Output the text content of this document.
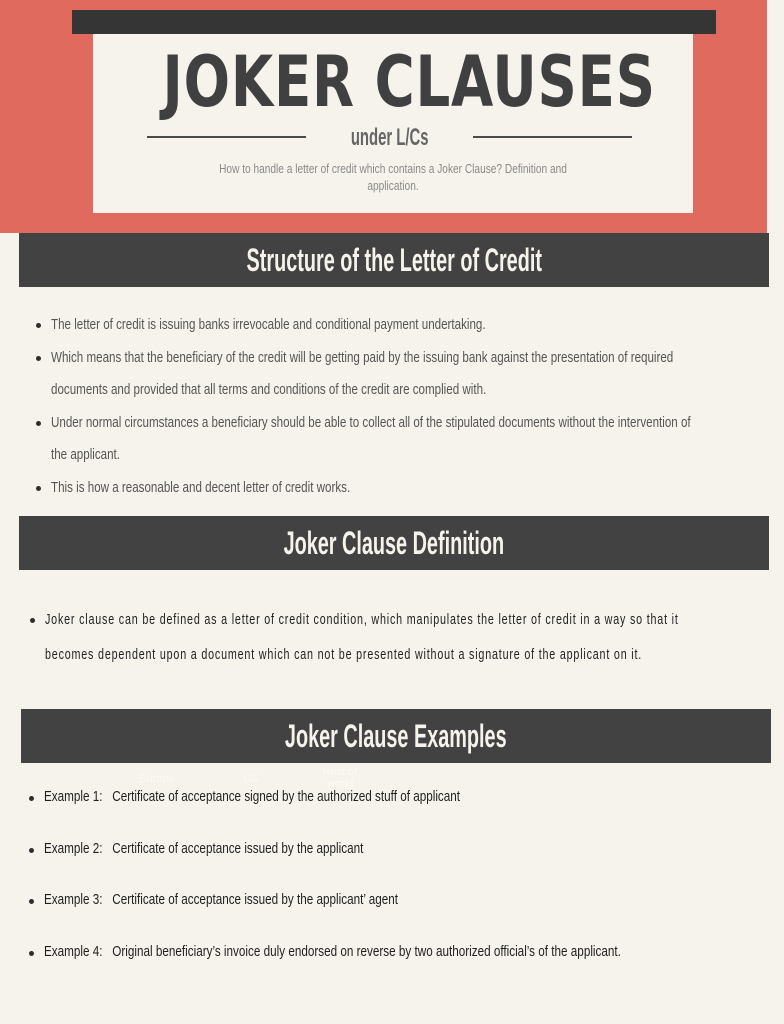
JOKER CLAUSES
under L/Cs
How to handle a letter of credit which contains a Joker Clause? Definition and
application.
Structure of the Letter of Credit
The letter of credit is issuing banks irrevocable and conditional payment undertaking.
Which means that the beneficiary of the credit will be getting paid by the issuing bank against the presentation of required
documents and provided that all terms and conditions of the credit are complied with.
Under normal circumstances a beneficiary should be able to collect all of the stipulated documents without the intervention of
the applicant.
This is how a reasonable and decent letter of credit works.
Joker Clause Definition
Joker clause can be defined as a letter of credit condition, which manipulates the letter of credit in a way so that it
becomes dependent upon a document which can not be presented without a signature of the applicant on it.
Joker Clause Examples
Europe	US
Rest of world
Example 1: Certificate of acceptance signed by the authorized stuff of applicant
Example 2: Certificate of acceptance issued by the applicant
Example 3: Certificate of acceptance issued by the applicant’ agent
Example 4: Original beneficiary’s invoice duly endorsed on reverse by two authorized official’s of the applicant.
